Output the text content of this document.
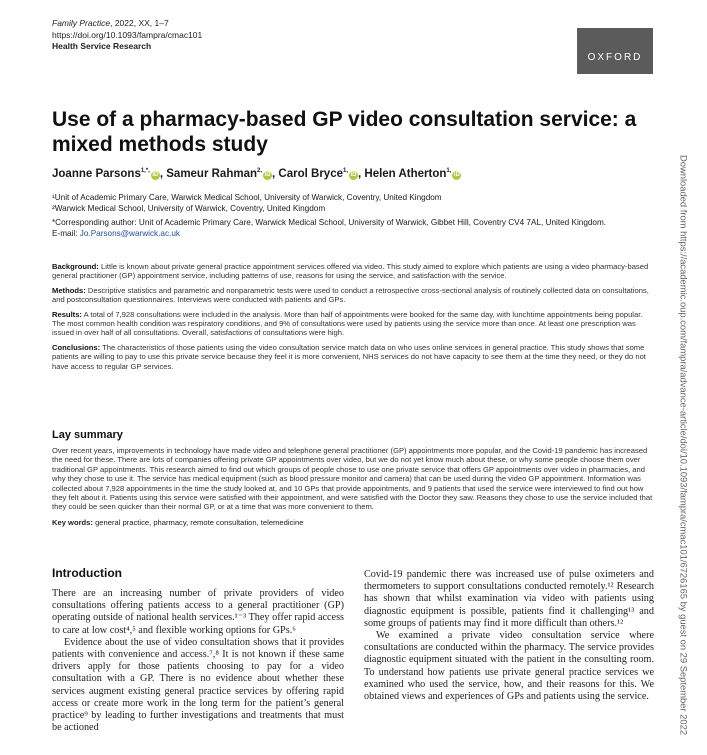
Family Practice, 2022, XX, 1–7
https://doi.org/10.1093/fampra/cmac101
Health Service Research
OXFORD
Use of a pharmacy-based GP video consultation service: a mixed methods study
Joanne Parsons$^{1,*,}$iD , Sameur Rahman$^{2,}$iD , Carol Bryce$^{1,}$iD , Helen Atherton$^{1,}$iD
¹Unit of Academic Primary Care, Warwick Medical School, University of Warwick, Coventry, United Kingdom
²Warwick Medical School, University of Warwick, Coventry, United Kingdom
*Corresponding author: Unit of Academic Primary Care, Warwick Medical School, University of Warwick, Gibbet Hill, Coventry CV4 7AL, United Kingdom.
E-mail: Jo.Parsons@warwick.ac.uk

Background: Little is known about private general practice appointment services offered via video. This study aimed to explore which patients are using a video pharmacy-based general practitioner (GP) appointment service, including patterns of use, reasons for using the service, and satisfaction with the service.

Methods: Descriptive statistics and parametric and nonparametric tests were used to conduct a retrospective cross-sectional analysis of routinely collected data on consultations, and postconsultation questionnaires. Interviews were conducted with patients and GPs.

Results: A total of 7,928 consultations were included in the analysis. More than half of appointments were booked for the same day, with lunchtime appointments being popular. The most common health condition was respiratory conditions, and 9% of consultations were used by patients using the service more than once. At least one prescription was issued in over half of all consultations. Overall, satisfactions of consultations were high.

Conclusions: The characteristics of those patients using the video consultation service match data on who uses online services in general practice. This study shows that some patients are willing to pay to use this private service because they feel it is more convenient, NHS services do not have capacity to see them at the time they need, or they do not have access to regular GP services.

Lay summary

Over recent years, improvements in technology have made video and telephone general practitioner (GP) appointments more popular, and the Covid-19 pandemic has increased the need for these. There are lots of companies offering private GP appointments over video, but we do not yet know much about these, or why some people choose them over traditional GP appointments. This research aimed to find out which groups of people chose to use one private service that offers GP appointments over video in pharmacies, and why they chose to use it. The service has medical equipment (such as blood pressure monitor and camera) that can be used during the video GP appointment. Information was collected about 7,928 appointments in the time the study looked at, and 10 GPs that provide appointments, and 9 patients that used the service were interviewed to find out how they felt about it. Patients using this service were satisfied with their appointment, and were satisfied with the Doctor they saw. Reasons they chose to use the service included that they could be seen quicker than their normal GP, or at a time that was more convenient to them.

Key words: general practice, pharmacy, remote consultation, telemedicine
Introduction

There are an increasing number of private providers of video consultations offering patients access to a general practitioner (GP) operating outside of national health services.¹⁻³ They offer rapid access to care at low cost⁴,⁵ and flexible working options for GPs.⁶

Evidence about the use of video consultation shows that it provides patients with convenience and access.⁷,⁸ It is not known if these same drivers apply for those patients choosing to pay for a video consultation with a GP. There is no evidence about whether these services augment existing general practice services by offering rapid access or create more work in the long term for the patient’s general practice⁹ by leading to further investigations and treatments that must be actioned

Covid-19 pandemic there was increased use of pulse oximeters and thermometers to support consultations conducted remotely.¹² Research has shown that whilst examination via video with patients using diagnostic equipment is possible, patients find it challenging¹³ and some groups of patients may find it more difficult than others.¹²

We examined a private video consultation service where consultations are conducted within the pharmacy. The service provides diagnostic equipment situated with the patient in the consulting room. To understand how patients use private general practice services we examined who used the service, how, and their reasons for this. We obtained views and experiences of GPs and patients using the service.	Downloaded from https://academic.oup.com/fampra/advance-article/doi/10.1093/fampra/cmac101/6726165 by guest on 29 September 2022
